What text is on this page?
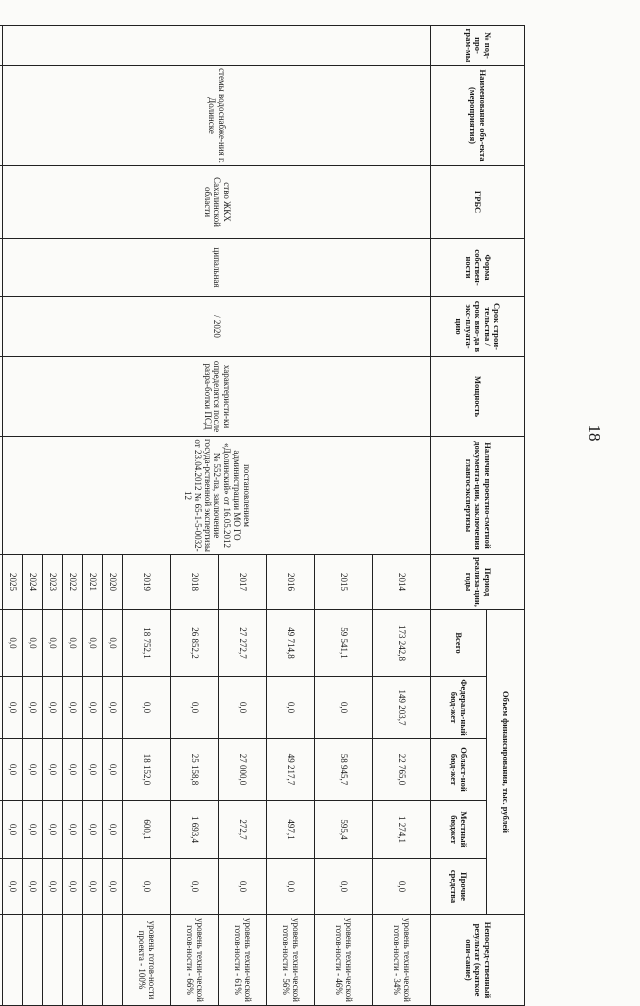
18
№ под-про-грам-мы	Наименование объ-екта (мероприятия)	ГРБС	Форма собствен-ности	Срок строи-тельства / срок вво-да в экс-плуата-цию	Мощность	Наличие проектно-сметной документа-ции, заключения главгосэкспертизы	Период реализа-ции, годы	Объем финансирования, тыс. рублей					Непосред-ственный результат (краткое опи-сание)
								Всего	Федераль-ный бюд-жет	Област-ной бюд-жет	Местный бюджет	Прочие средства	
	стемы водоснабже-ния г. Долинске	ство ЖКХ Сахалинской области	ципальная	/ 2020	характеристи-ки определятся после разра-ботки ПСД	постановлением администрации МО ГО «Долинский» от 16.05.2012 № 552-па, заключение госуда-рственной экспертизы от 23.04.2012 № 65-1-5-0032-12	2014	173 242,8	149 203,7	22 765,0	1 274,1	0,0	уровень техни-ческой готов-ности - 34%
							2015	59 541,1	0,0	58 945,7	595,4	0,0	уровень техни-ческой готов-ности - 46%
							2016	49 714,8	0,0	49 217,7	497,1	0,0	уровень техни-ческой готов-ности - 56%
							2017	27 272,7	0,0	27 000,0	272,7	0,0	уровень техни-ческой готов-ности - 61%
							2018	26 852,2	0,0	25 158,8	1 693,4	0,0	уровень техни-ческой готов-ности - 66%
							2019	18 752,1	0,0	18 152,0	600,1	0,0	уровень готов-ности проекта - 100%
							2020	0,0	0,0	0,0	0,0	0,0	
							2021	0,0	0,0	0,0	0,0	0,0	
							2022	0,0	0,0	0,0	0,0	0,0	
							2023	0,0	0,0	0,0	0,0	0,0	
							2024	0,0	0,0	0,0	0,0	0,0	
							2025	0,0	0,0	0,0	0,0	0,0	
